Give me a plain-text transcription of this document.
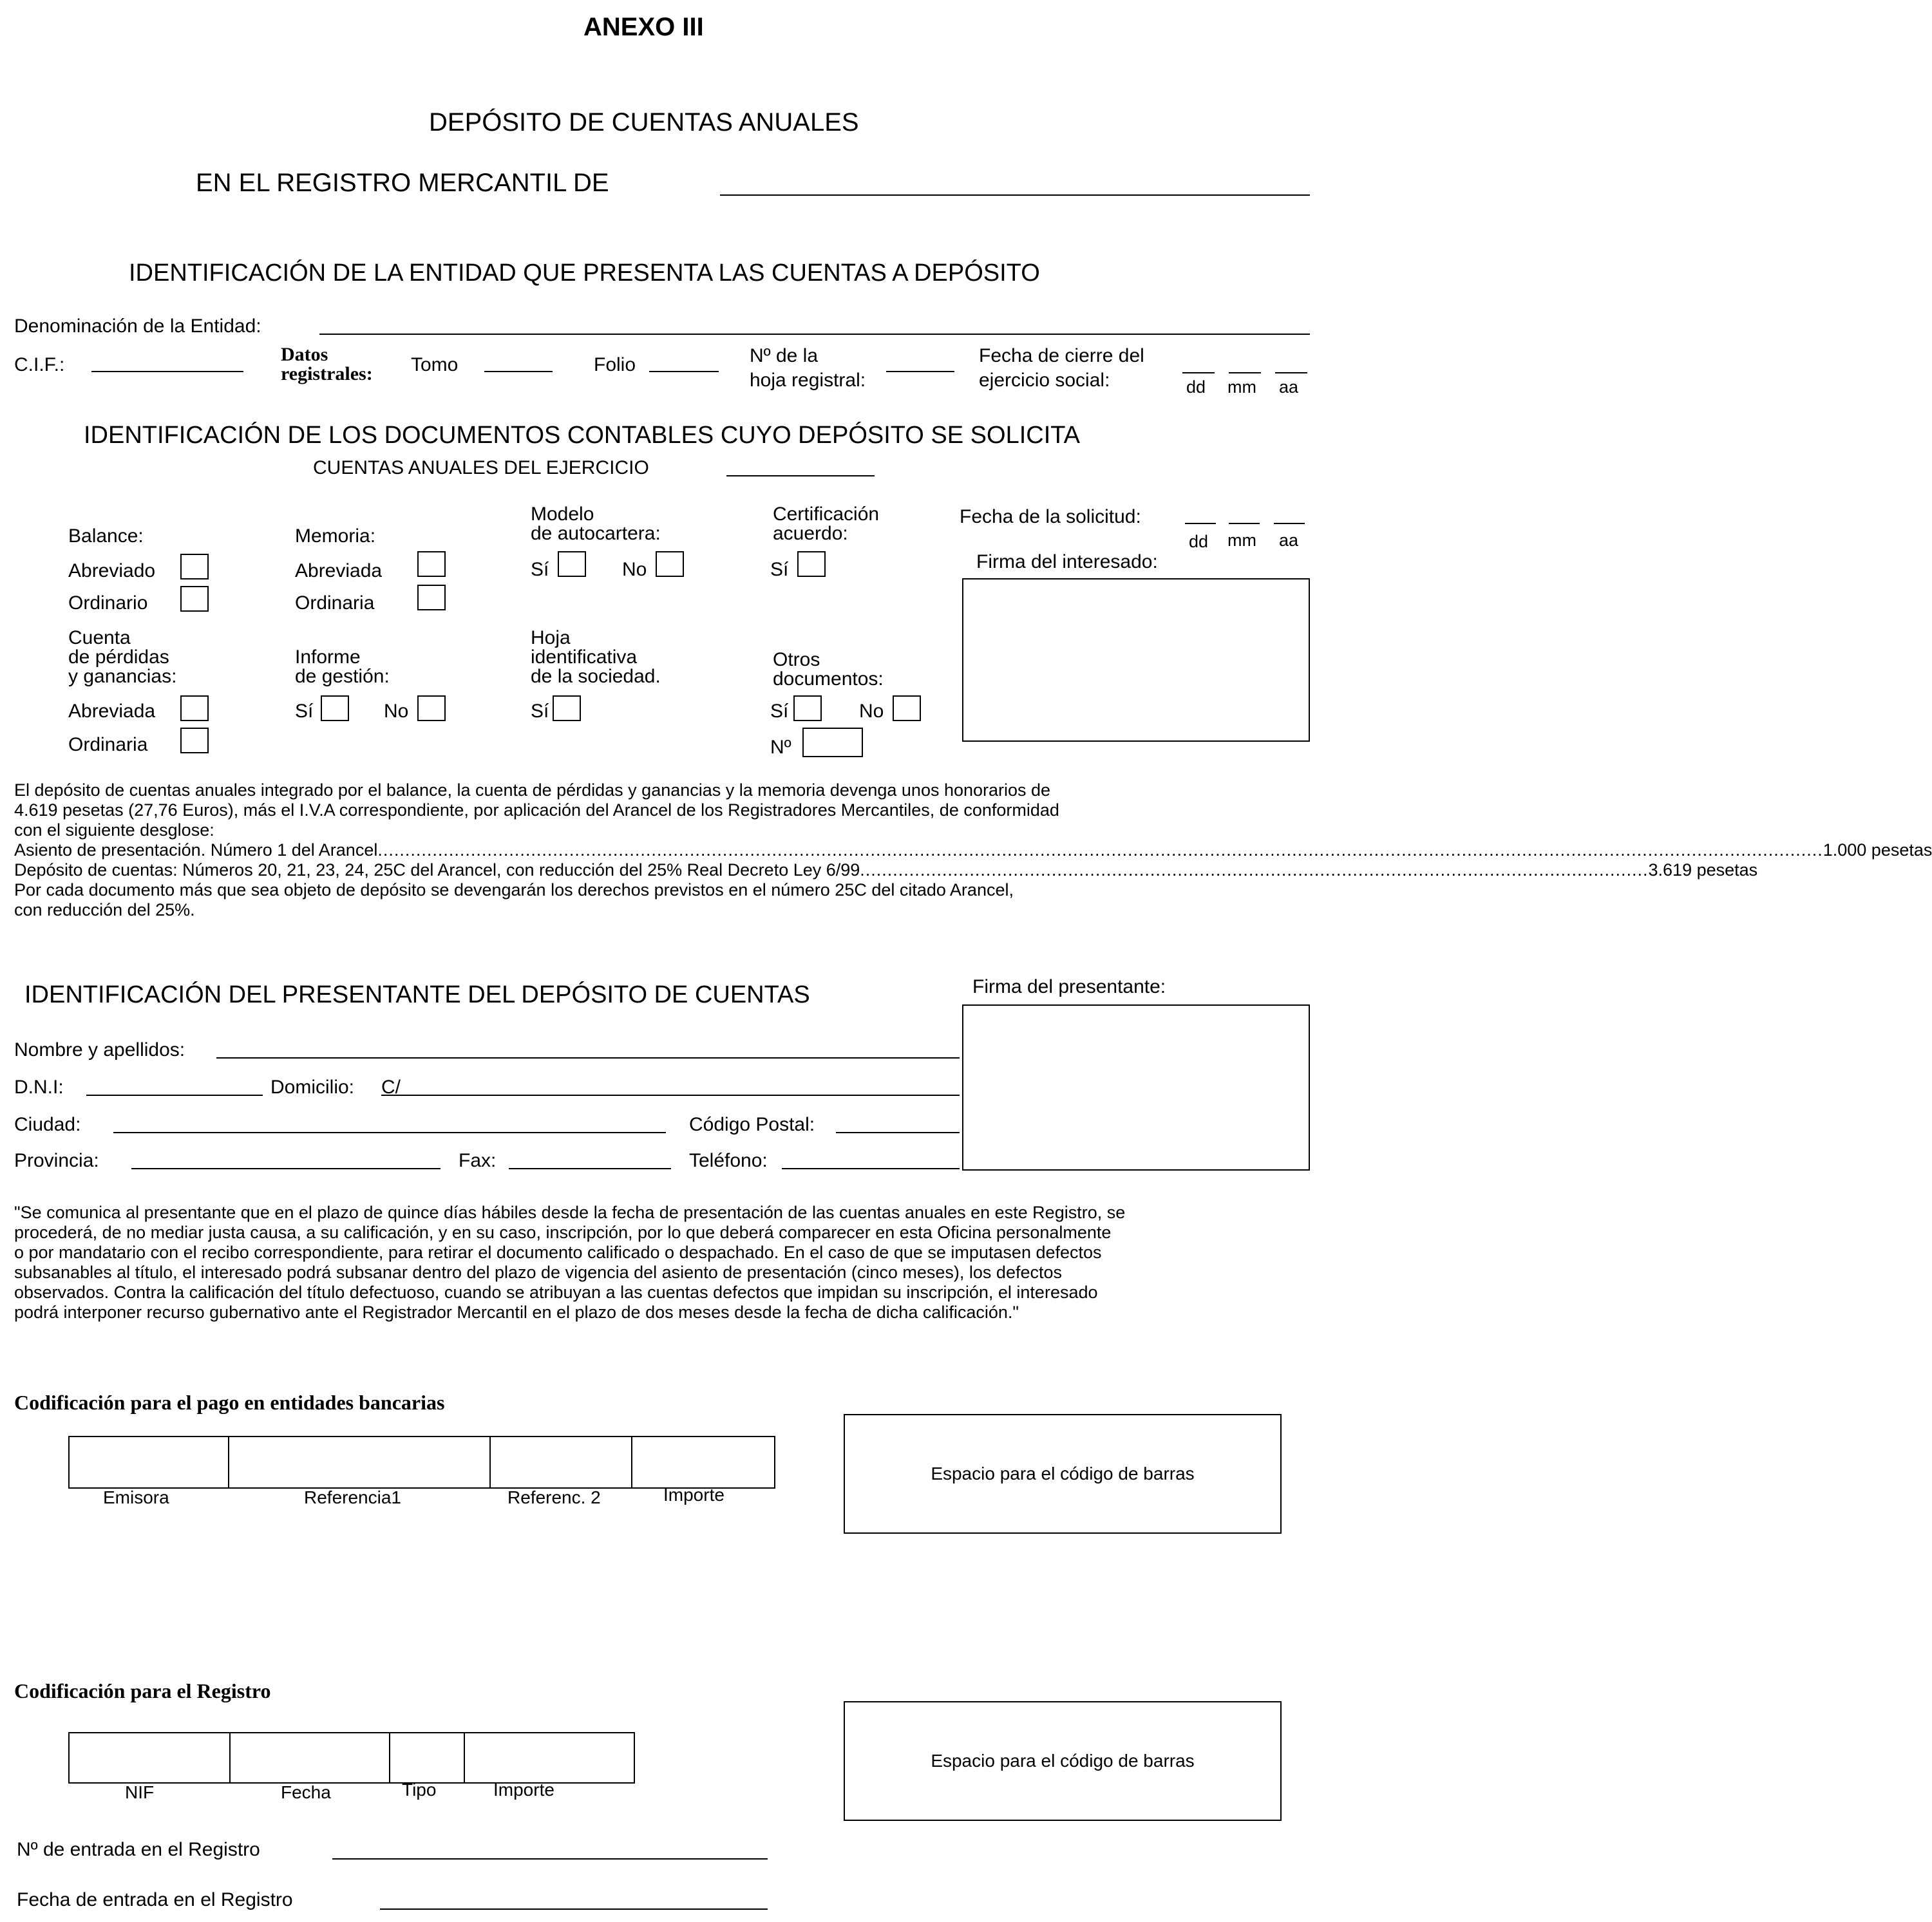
ANEXO III
DEPÓSITO DE CUENTAS ANUALES
EN EL REGISTRO MERCANTIL DE
IDENTIFICACIÓN DE LA ENTIDAD QUE PRESENTA LAS CUENTAS A DEPÓSITO
Denominación de la Entidad:
C.I.F.:	Datos
registrales: Tomo	Folio	Nº de la
hoja registral:
Fecha de cierre del
ejercicio social:	dd mm aa
IDENTIFICACIÓN DE LOS DOCUMENTOS CONTABLES CUYO DEPÓSITO SE SOLICITA
CUENTAS ANUALES DEL EJERCICIO
Balance:
Abreviado
Ordinario
Memoria:
Abreviada
Ordinaria
Modelo
de autocartera:
Sí	No
Certificación
acuerdo:
Sí
Fecha de la solicitud:
dd mm aa
Firma del interesado:
Cuenta
de pérdidas
y ganancias:
Abreviada
Ordinaria
Informe
de gestión:
Sí	No
Hoja
identificativa
de la sociedad.
Sí
Otros
documentos:
Sí	No
Nº
El depósito de cuentas anuales integrado por el balance, la cuenta de pérdidas y ganancias y la memoria devenga unos honorarios de
4.619 pesetas (27,76 Euros), más el I.V.A correspondiente, por aplicación del Arancel de los Registradores Mercantiles, de conformidad
con el siguiente desglose:
Asiento de presentación. Número 1 del Arancel ........................................................................................................................................................................................................................................................................ 1.000 pesetas
Depósito de cuentas: Números 20, 21, 23, 24, 25C del Arancel, con reducción del 25% Real Decreto Ley 6/99 ................................................................................................................................................ 3.619 pesetas
Por cada documento más que sea objeto de depósito se devengarán los derechos previstos en el número 25C del citado Arancel,
con reducción del 25%.
IDENTIFICACIÓN DEL PRESENTANTE DEL DEPÓSITO DE CUENTAS	Firma del presentante:
Nombre y apellidos:
D.N.I:	Domicilio: C/
Ciudad:	Código Postal:
Provincia:	Fax:	Teléfono:
"Se comunica al presentante que en el plazo de quince días hábiles desde la fecha de presentación de las cuentas anuales en este Registro, se
procederá, de no mediar justa causa, a su calificación, y en su caso, inscripción, por lo que deberá comparecer en esta Oficina personalmente
o por mandatario con el recibo correspondiente, para retirar el documento calificado o despachado. En el caso de que se imputasen defectos
subsanables al título, el interesado podrá subsanar dentro del plazo de vigencia del asiento de presentación (cinco meses), los defectos
observados. Contra la calificación del título defectuoso, cuando se atribuyan a las cuentas defectos que impidan su inscripción, el interesado
podrá interponer recurso gubernativo ante el Registrador Mercantil en el plazo de dos meses desde la fecha de dicha calificación."
Codificación para el pago en entidades bancarias
Emisora	Referencia1	Referenc. 2	Importe
Espacio para el código de barras
Codificación para el Registro
NIF	Fecha	Tipo	Importe
Espacio para el código de barras
Nº de entrada en el Registro
Fecha de entrada en el Registro
